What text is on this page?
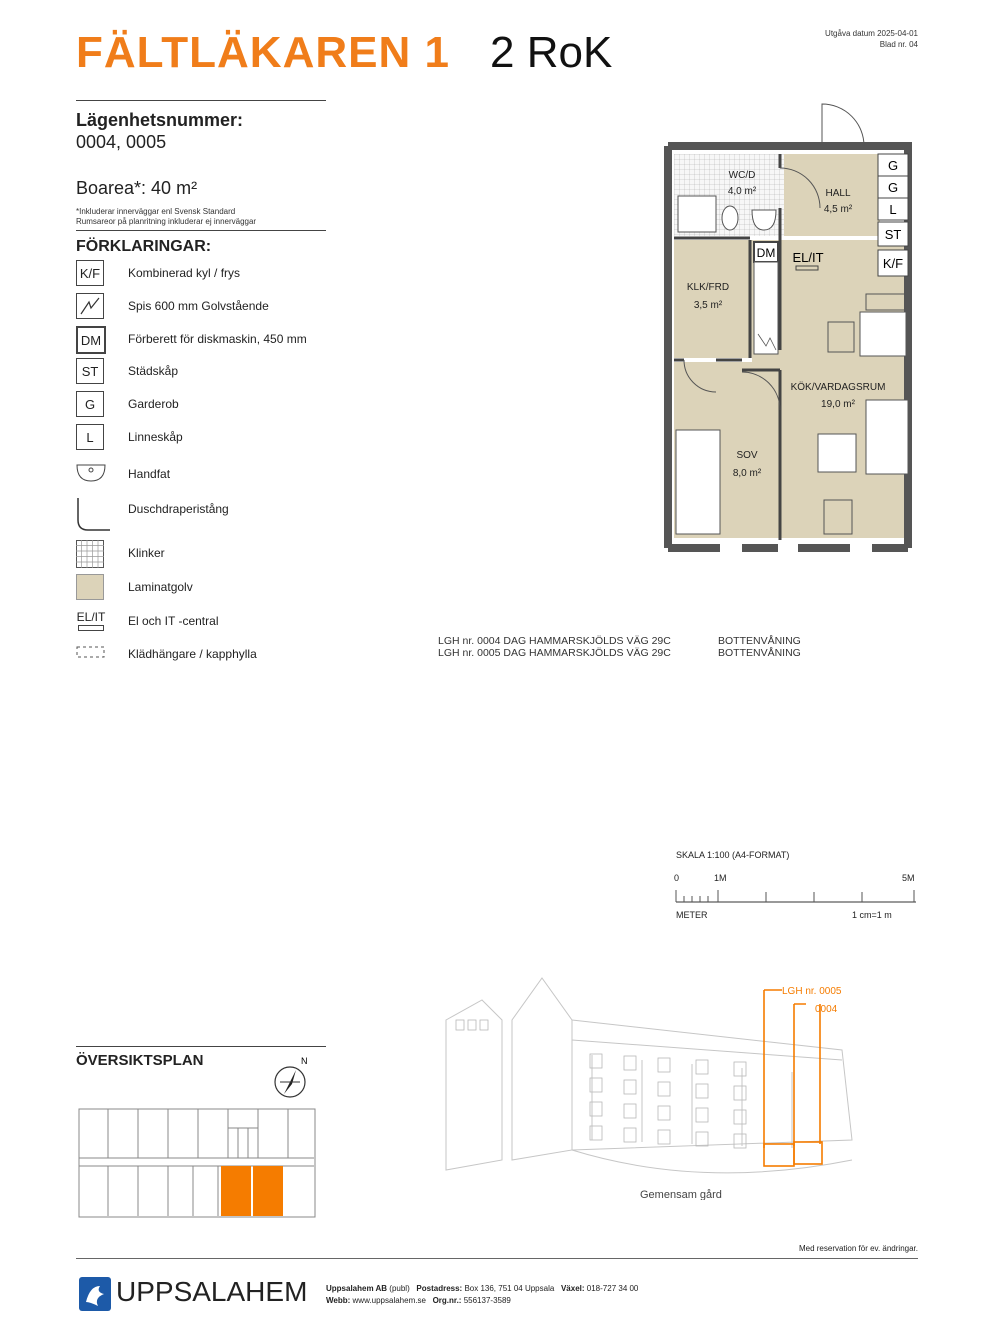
FÄLTLÄKAREN 1 2 RoK	Utgåva datum 2025-04-01
Blad nr. 04
Lägenhetsnummer:
0004, 0005
Boarea*: 40 m²
*Inkluderar innerväggar enl Svensk Standard
Rumsareor på planritning inkluderar ej innerväggar
FÖRKLARINGAR:
K/F	Kombinerad kyl / frys
Spis 600 mm Golvstående
DM	Förberett för diskmaskin, 450 mm
ST	Städskåp
G	Garderob
L	Linneskåp
Handfat
Duschdraperistång
Klinker
Laminatgolv
EL/IT El och IT -central
Klädhängare / kapphylla
G
G
L
ST
K/F
DM EL/IT
WC/D
4,0 m²	HALL
4,5 m²
KLK/FRD
3,5 m²
KÖK/VARDAGSRUM
19,0 m²
SOV
8,0 m²
LGH nr. 0004 DAG HAMMARSKJÖLDS VÄG 29C	BOTTENVÅNING
LGH nr. 0005 DAG HAMMARSKJÖLDS VÄG 29C	BOTTENVÅNING
SKALA 1:100 (A4-FORMAT)
0	1M	5M
METER	1 cm=1 m
ÖVERSIKTSPLAN	N
LGH nr. 0005
0004
Gemensam gård
Med reservation för ev. ändringar.
UPPSALAHEM Uppsalahem AB (publ) Postadress: Box 136, 751 04 Uppsala Växel: 018-727 34 00
Webb: www.uppsalahem.se Org.nr.: 556137-3589
